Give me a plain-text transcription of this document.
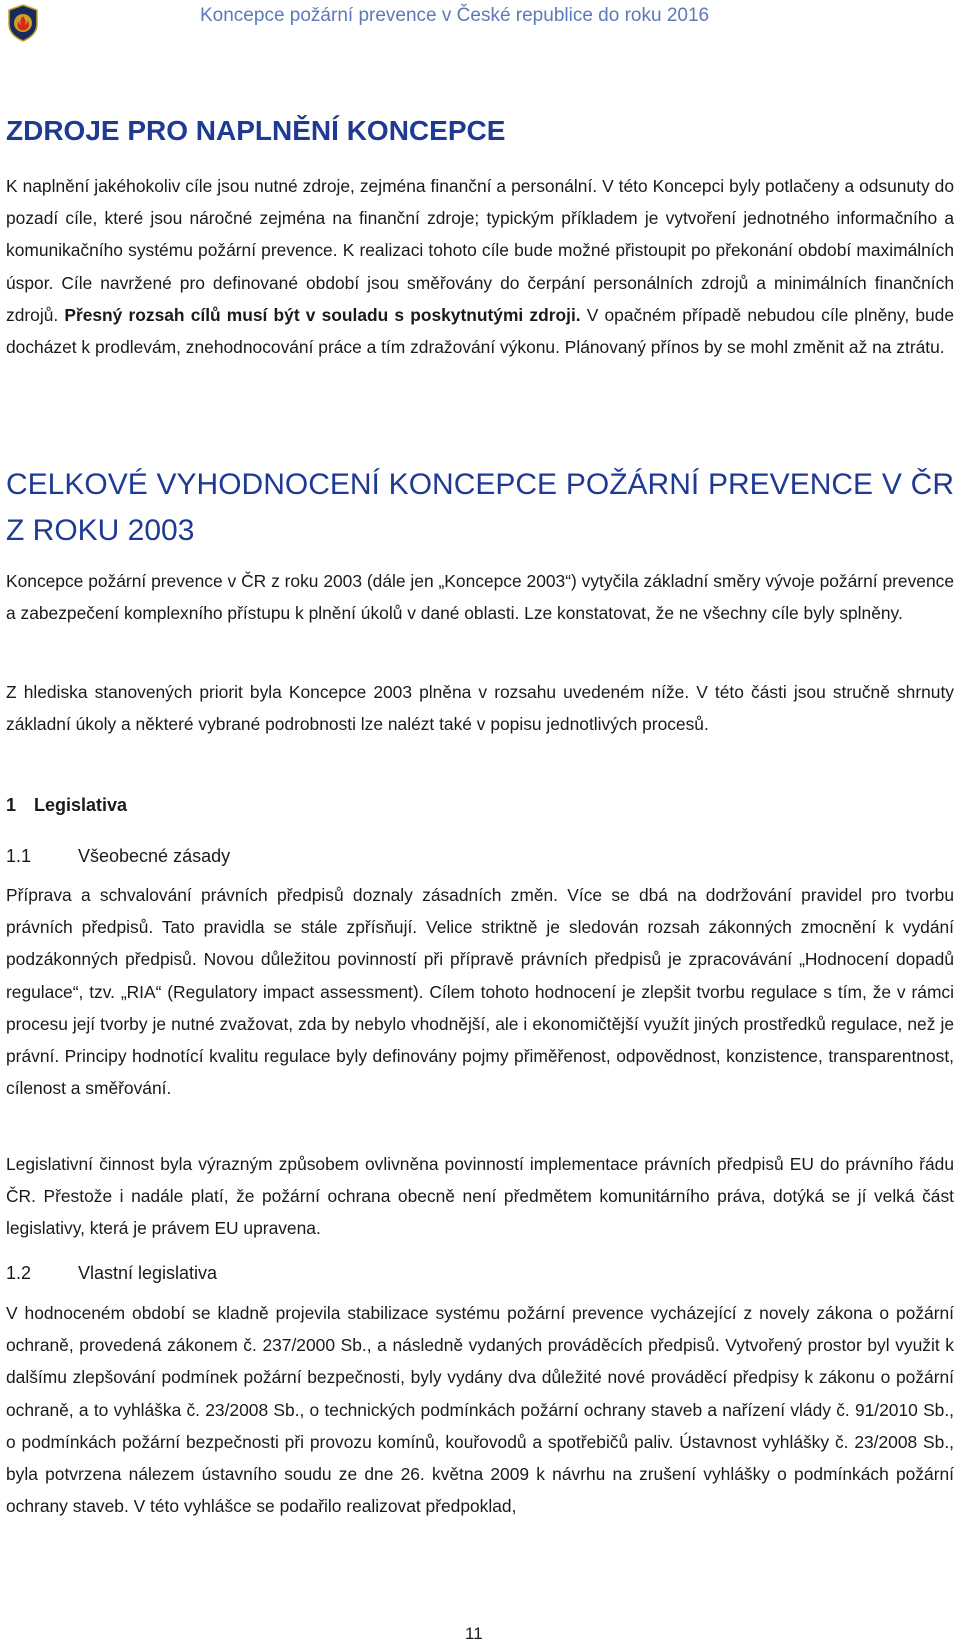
Koncepce požární prevence v České republice do roku 2016
ZDROJE PRO NAPLNĚNÍ KONCEPCE

K naplnění jakéhokoliv cíle jsou nutné zdroje, zejména finanční a personální. V této Koncepci byly potlačeny a odsunuty do pozadí cíle, které jsou náročné zejména na finanční zdroje; typickým příkladem je vytvoření jednotného informačního a komunikačního systému požární prevence. K realizaci tohoto cíle bude možné přistoupit po překonání období maximálních úspor. Cíle navržené pro definované období jsou směřovány do čerpání personálních zdrojů a minimálních finančních zdrojů. Přesný rozsah cílů musí být v souladu s poskytnutými zdroji. V opačném případě nebudou cíle plněny, bude docházet k prodlevám, znehodnocování práce a tím zdražování výkonu. Plánovaný přínos by se mohl změnit až na ztrátu.

CELKOVÉ VYHODNOCENÍ KONCEPCE POŽÁRNÍ PREVENCE V ČR
Z ROKU 2003

Koncepce požární prevence v ČR z roku 2003 (dále jen „Koncepce 2003“) vytyčila základní směry vývoje požární prevence a zabezpečení komplexního přístupu k plnění úkolů v dané oblasti. Lze konstatovat, že ne všechny cíle byly splněny.

Z hlediska stanovených priorit byla Koncepce 2003 plněna v rozsahu uvedeném níže. V této části jsou stručně shrnuty základní úkoly a některé vybrané podrobnosti lze nalézt také v popisu jednotlivých procesů.

1 Legislativa
1.1	Všeobecné zásady

Příprava a schvalování právních předpisů doznaly zásadních změn. Více se dbá na dodržování pravidel pro tvorbu právních předpisů. Tato pravidla se stále zpřísňují. Velice striktně je sledován rozsah zákonných zmocnění k vydání podzákonných předpisů. Novou důležitou povinností při přípravě právních předpisů je zpracovávání „Hodnocení dopadů regulace“, tzv. „RIA“ (Regulatory impact assessment). Cílem tohoto hodnocení je zlepšit tvorbu regulace s tím, že v rámci procesu její tvorby je nutné zvažovat, zda by nebylo vhodnější, ale i ekonomičtější využít jiných prostředků regulace, než je právní. Principy hodnotící kvalitu regulace byly definovány pojmy přiměřenost, odpovědnost, konzistence, transparentnost, cílenost a směřování.

Legislativní činnost byla výrazným způsobem ovlivněna povinností implementace právních předpisů EU do právního řádu ČR. Přestože i nadále platí, že požární ochrana obecně není předmětem komunitárního práva, dotýká se jí velká část legislativy, která je právem EU upravena.

1.2	Vlastní legislativa

V hodnoceném období se kladně projevila stabilizace systému požární prevence vycházející z novely zákona o požární ochraně, provedená zákonem č. 237/2000 Sb., a následně vydaných prováděcích předpisů. Vytvořený prostor byl využit k dalšímu zlepšování podmínek požární bezpečnosti, byly vydány dva důležité nové prováděcí předpisy k zákonu o požární ochraně, a to vyhláška č. 23/2008 Sb., o technických podmínkách požární ochrany staveb a nařízení vlády č. 91/2010 Sb., o podmínkách požární bezpečnosti při provozu komínů, kouřovodů a spotřebičů paliv. Ústavnost vyhlášky č. 23/2008 Sb., byla potvrzena nálezem ústavního soudu ze dne 26. května 2009 k návrhu na zrušení vyhlášky o podmínkách požární ochrany staveb. V této vyhlášce se podařilo realizovat předpoklad,

11
